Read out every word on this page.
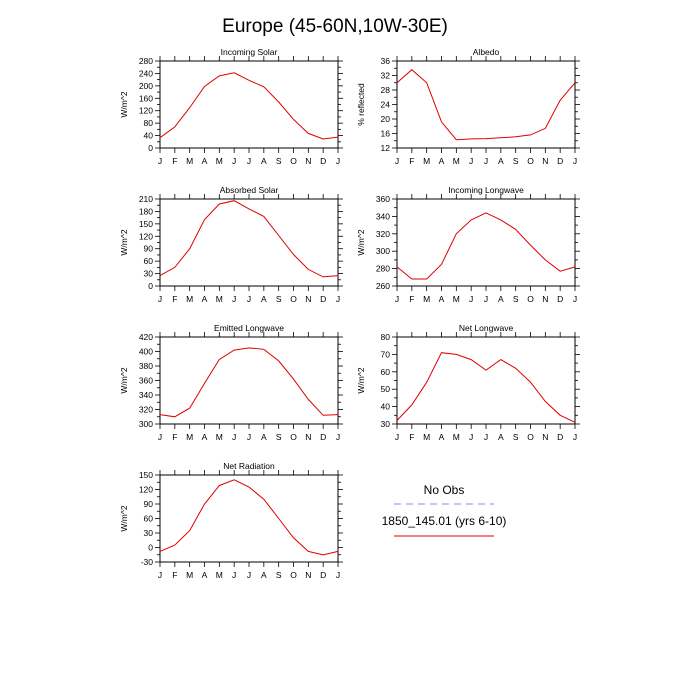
Europe (45-60N,10W-30E)
Incoming Solar
W/m^2
0
40
80
120
160
200
240
280
J F M A M J J A S O N D J
Albedo
% reflected
12
16
20
24
28
32
36
J F M A M J J A S O N D J
Absorbed Solar
W/m^2
0
30
60
90
120
150
180
210
J F M A M J J A S O N D J
Incoming Longwave
W/m^2
260
280
300
320
340
360
J F M A M J J A S O N D J
Emitted Longwave
W/m^2
300
320
340
360
380
400
420
J F M A M J J A S O N D J
Net Longwave
W/m^2
30
40
50
60
70
80
J F M A M J J A S O N D J
Net Radiation
W/m^2
-30
0
30
60
90
120
150
J F M A M J J A S O N D J
No Obs
1850_145.01 (yrs 6-10)
